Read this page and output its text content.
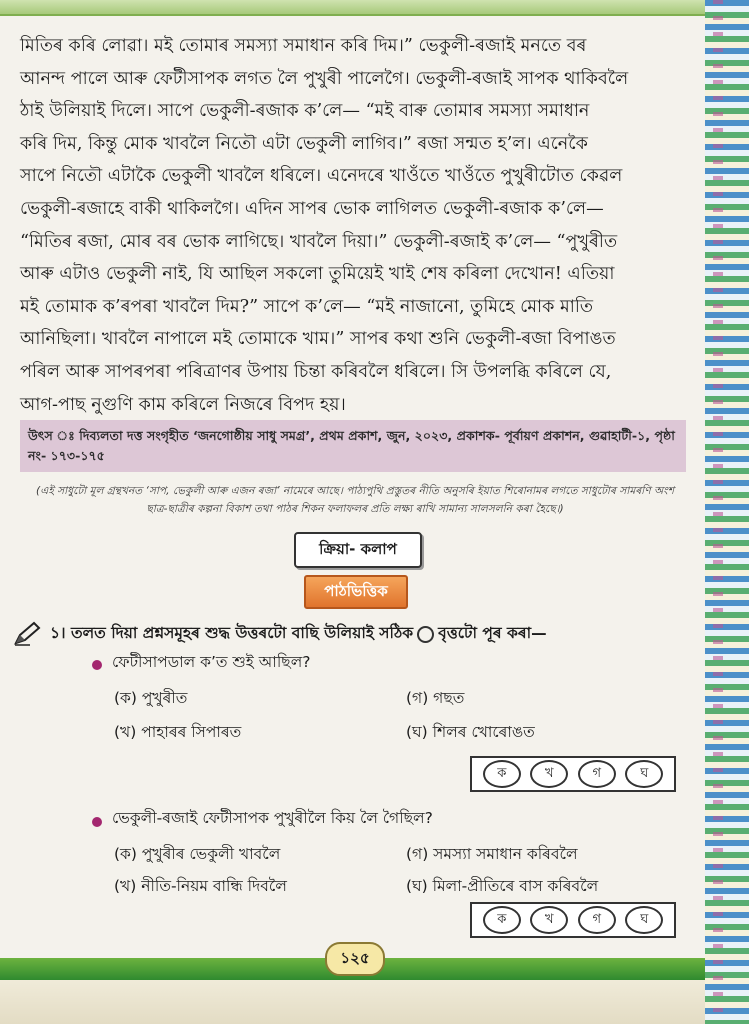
মিতিৰ কৰি লোৱা। মই তোমাৰ সমস্যা সমাধান কৰি দিম।” ভেকুলী-ৰজাই মনতে বৰ

আনন্দ পালে আৰু ফেটীসাপক লগত লৈ পুখুৰী পালেগৈ। ভেকুলী-ৰজাই সাপক থাকিবলৈ

ঠাই উলিয়াই দিলে। সাপে ভেকুলী-ৰজাক ক’লে— “মই বাৰু তোমাৰ সমস্যা সমাধান

কৰি দিম, কিন্তু মোক খাবলৈ নিতৌ এটা ভেকুলী লাগিব।” ৰজা সন্মত হ’ল। এনেকৈ

সাপে নিতৌ এটাকৈ ভেকুলী খাবলৈ ধৰিলে। এনেদৰে খাওঁতে খাওঁতে পুখুৰীটোত কেৱল

ভেকুলী-ৰজাহে বাকী থাকিলগৈ। এদিন সাপৰ ভোক লাগিলত ভেকুলী-ৰজাক ক’লে—

“মিতিৰ ৰজা, মোৰ বৰ ভোক লাগিছে। খাবলৈ দিয়া।” ভেকুলী-ৰজাই ক’লে— “পুখুৰীত

আৰু এটাও ভেকুলী নাই, যি আছিল সকলো তুমিয়েই খাই শেষ কৰিলা দেখোন! এতিয়া

মই তোমাক ক’ৰপৰা খাবলৈ দিম?” সাপে ক’লে— “মই নাজানো, তুমিহে মোক মাতি

আনিছিলা। খাবলৈ নাপালে মই তোমাকে খাম।” সাপৰ কথা শুনি ভেকুলী-ৰজা বিপাঙত

পৰিল আৰু সাপৰপৰা পৰিত্ৰাণৰ উপায় চিন্তা কৰিবলৈ ধৰিলে। সি উপলব্ধি কৰিলে যে,

আগ-পাছ নুগুণি কাম কৰিলে নিজৰে বিপদ হয়।

উৎস ঃ দিব্যলতা দত্ত সংগৃহীত ‘জনগোষ্ঠীয় সাধু সমগ্ৰ’, প্ৰথম প্ৰকাশ, জুন, ২০২৩, প্ৰকাশক- পূৰ্বায়ণ প্ৰকাশন, গুৱাহাটী-১, পৃষ্ঠা নং- ১৭৩-১৭৫
(এই সাধুটো মূল গ্ৰন্থখনত ‘সাপ, ভেকুলী আৰু এজন ৰজা’ নামেৰে আছে। পাঠ্যপুথি প্ৰস্তুতৰ নীতি অনুসৰি ইয়াত শিৰোনামৰ লগতে সাধুটোৰ সামৰণি অংশ ছাত্ৰ-ছাত্ৰীৰ কল্পনা বিকাশ তথা পাঠৰ শিকন ফলাফলৰ প্ৰতি লক্ষ্য ৰাখি সামান্য সালসলনি কৰা হৈছে।)
ক্ৰিয়া- কলাপ
পাঠভিত্তিক
১। তলত দিয়া প্ৰশ্নসমূহৰ শুদ্ধ উত্তৰটো বাছি উলিয়াই সঠিক বৃত্তটো পূৰ কৰা—
ফেটীসাপডাল ক’ত শুই আছিল?
(ক) পুখুৰীত
(খ) পাহাৰৰ সিপাৰত
(গ) গছত
(ঘ) শিলৰ খোৰোঙত
ক	খ	গ	ঘ
ভেকুলী-ৰজাই ফেটীসাপক পুখুৰীলৈ কিয় লৈ গৈছিল?
(ক) পুখুৰীৰ ভেকুলী খাবলৈ
(খ) নীতি-নিয়ম বান্ধি দিবলৈ
(গ) সমস্যা সমাধান কৰিবলৈ
(ঘ) মিলা-প্ৰীতিৰে বাস কৰিবলৈ
ক	খ	গ	ঘ
১২৫
